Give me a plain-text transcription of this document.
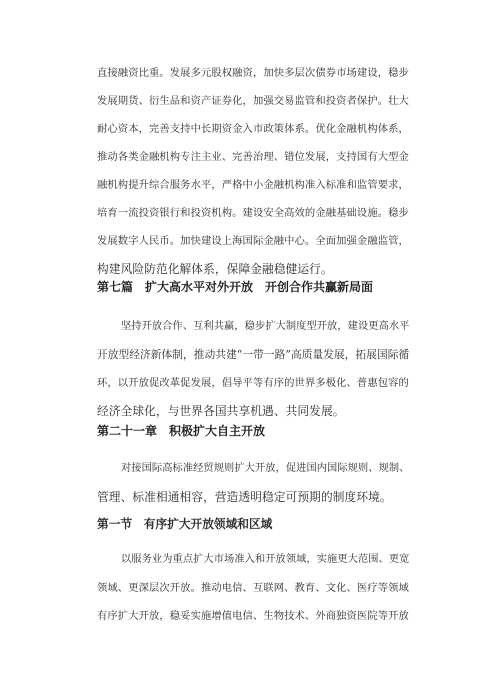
直接融资比重。发展多元股权融资，加快多层次债券市场建设，稳步
发展期货、衍生品和资产证券化，加强交易监管和投资者保护。壮大
耐心资本，完善支持中长期资金入市政策体系。优化金融机构体系，
推动各类金融机构专注主业、完善治理、错位发展，支持国有大型金
融机构提升综合服务水平，严格中小金融机构准入标准和监管要求，
培育一流投资银行和投资机构。建设安全高效的金融基础设施。稳步
发展数字人民币。加快建设上海国际金融中心。全面加强金融监管，
构建风险防范化解体系，保障金融稳健运行。
第七篇　扩大高水平对外开放　开创合作共赢新局面
坚持开放合作、互利共赢，稳步扩大制度型开放，建设更高水平
开放型经济新体制，推动共建“一带一路”高质量发展，拓展国际循
环，以开放促改革促发展，倡导平等有序的世界多极化、普惠包容的
经济全球化，与世界各国共享机遇、共同发展。
第二十一章　积极扩大自主开放
对接国际高标准经贸规则扩大开放，促进国内国际规则、规制、
管理、标准相通相容，营造透明稳定可预期的制度环境。
第一节　有序扩大开放领域和区域
以服务业为重点扩大市场准入和开放领域，实施更大范围、更宽
领域、更深层次开放。推动电信、互联网、教育、文化、医疗等领域
有序扩大开放，稳妥实施增值电信、生物技术、外商独资医院等开放
